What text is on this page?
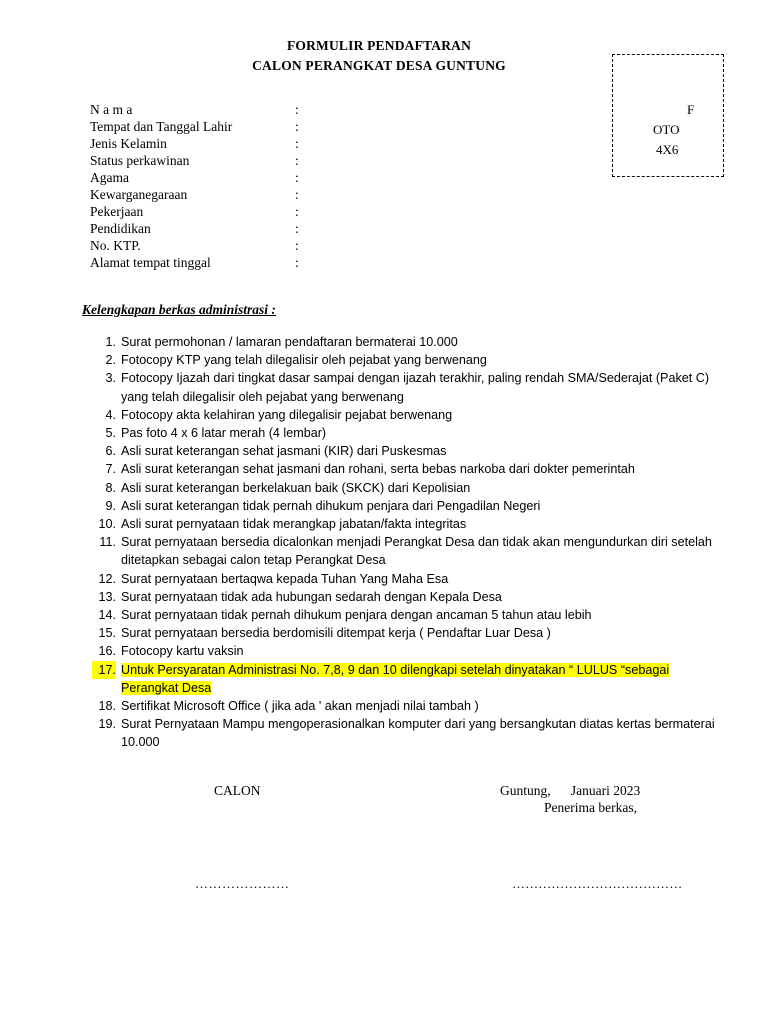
FORMULIR PENDAFTARAN
CALON PERANGKAT DESA GUNTUNG
F
OTO
4X6
N a m a	:
Tempat dan Tanggal Lahir	:
Jenis Kelamin	:
Status perkawinan	:
Agama	:
Kewarganegaraan	:
Pekerjaan	:
Pendidikan	:
No. KTP.	:
Alamat tempat tinggal	:
Kelengkapan berkas administrasi :
1. Surat permohonan / lamaran pendaftaran bermaterai 10.000
2. Fotocopy KTP yang telah dilegalisir oleh pejabat yang berwenang
3. Fotocopy Ijazah dari tingkat dasar sampai dengan ijazah terakhir, paling rendah SMA/Sederajat (Paket C) yang telah dilegalisir oleh pejabat yang berwenang
4. Fotocopy akta kelahiran yang dilegalisir pejabat berwenang
5. Pas foto 4 x 6 latar merah (4 lembar)
6. Asli surat keterangan sehat jasmani (KIR) dari Puskesmas
7. Asli surat keterangan sehat jasmani dan rohani, serta bebas narkoba dari dokter pemerintah
8. Asli surat keterangan berkelakuan baik (SKCK) dari Kepolisian
9. Asli surat keterangan tidak pernah dihukum penjara dari Pengadilan Negeri
10. Asli surat pernyataan tidak merangkap jabatan/fakta integritas
11. Surat pernyataan bersedia dicalonkan menjadi Perangkat Desa dan tidak akan mengundurkan diri setelah ditetapkan sebagai calon tetap Perangkat Desa
12. Surat pernyataan bertaqwa kepada Tuhan Yang Maha Esa
13. Surat pernyataan tidak ada hubungan sedarah dengan Kepala Desa
14. Surat pernyataan tidak pernah dihukum penjara dengan ancaman 5 tahun atau lebih
15. Surat pernyataan bersedia berdomisili ditempat kerja ( Pendaftar Luar Desa )
16. Fotocopy kartu vaksin
17. Untuk Persyaratan Administrasi No. 7,8, 9 dan 10 dilengkapi setelah dinyatakan “ LULUS “sebagai Perangkat Desa
18. Sertifikat Microsoft Office ( jika ada ' akan menjadi nilai tambah )
19. Surat Pernyataan Mampu mengoperasionalkan komputer dari yang bersangkutan diatas kertas bermaterai 10.000
CALON	Guntung,      Januari 2023
Penerima berkas,
…………………	…………………………………
